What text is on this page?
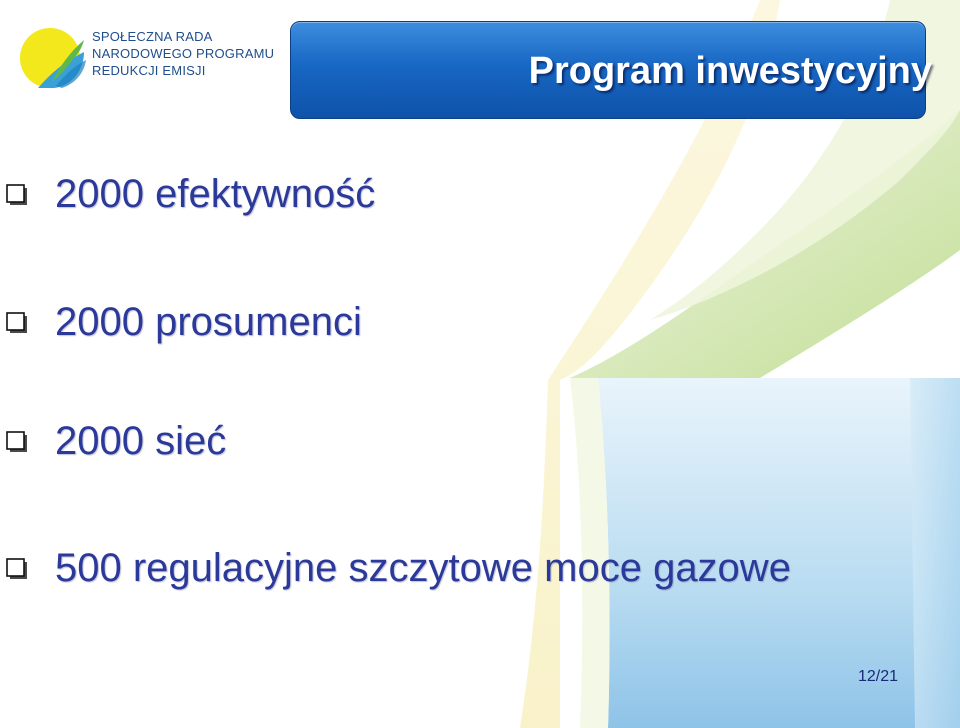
SPOŁECZNA RADA
NARODOWEGO PROGRAMU
REDUKCJI EMISJI	Program inwestycyjny
2000 efektywność
2000 prosumenci
2000 sieć
500 regulacyjne szczytowe moce gazowe
12/21
